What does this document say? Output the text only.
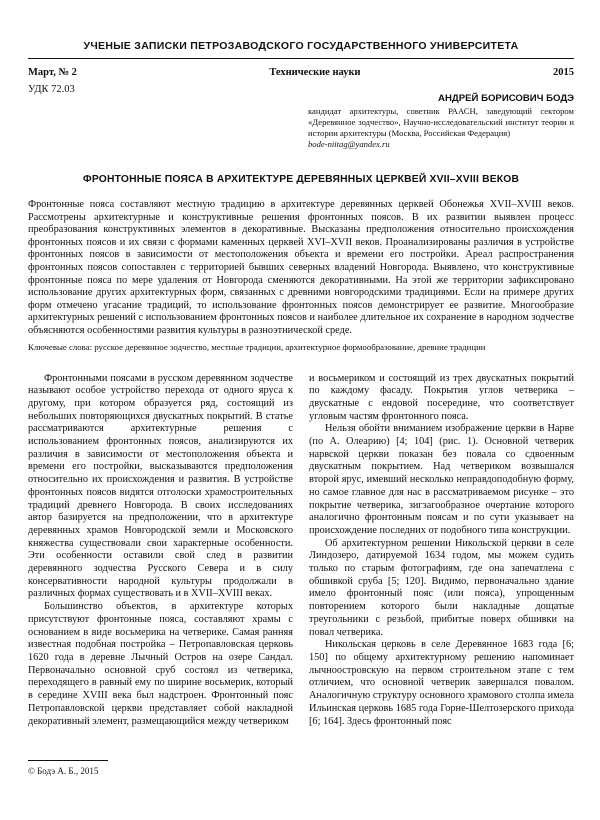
УЧЕНЫЕ ЗАПИСКИ ПЕТРОЗАВОДСКОГО ГОСУДАРСТВЕННОГО УНИВЕРСИТЕТА
Март, № 2	Технические науки	2015
УДК 72.03
АНДРЕЙ БОРИСОВИЧ БОДЭ
кандидат архитектуры, советник РААСН, заведующий сектором «Деревянное зодчество», Научно-исследовательский институт теории и истории архитектуры (Москва, Российская Федерация)
bode-niitag@yandex.ru
ФРОНТОННЫЕ ПОЯСА В АРХИТЕКТУРЕ ДЕРЕВЯННЫХ ЦЕРКВЕЙ XVII–XVIII ВЕКОВ

Фронтонные пояса составляют местную традицию в архитектуре деревянных церквей Обонежья XVII–XVIII веков. Рассмотрены архитектурные и конструктивные решения фронтонных поясов. В их развитии выявлен процесс преобразования конструктивных элементов в декоративные. Высказаны предположения относительно происхождения фронтонных поясов и их связи с формами каменных церквей XVI–XVII веков. Проанализированы различия в устройстве фронтонных поясов в зависимости от местоположения объекта и времени его постройки. Ареал распространения фронтонных поясов сопоставлен с территорией бывших северных владений Новгорода. Выявлено, что конструктивные фронтонные пояса по мере удаления от Новгорода сменяются декоративными. На этой же территории зафиксировано использование других архитектурных форм, связанных с древними новгородскими традициями. Если на примере других форм отмечено угасание традиций, то использование фронтонных поясов демонстрирует ее развитие. Многообразие архитектурных решений с использованием фронтонных поясов и наиболее длительное их сохранение в народном зодчестве объясняются особенностями развития культуры в разноэтнической среде.

Ключевые слова: русское деревянное зодчество, местные традиции, архитектурное формообразование, древние традиции

Фронтонными поясами в русском деревянном зодчестве называют особое устройство перехода от одного яруса к другому, при котором образуется ряд, состоящий из небольших повторяющихся двускатных покрытий. В статье рассматриваются архитектурные решения с использованием фронтонных поясов, анализируются их различия в зависимости от местоположения объекта и времени его постройки, высказываются предположения относительно их происхождения и развития. В устройстве фронтонных поясов видятся отголоски храмостроительных традиций древнего Новгорода. В своих исследованиях автор базируется на предположении, что в архитектуре деревянных храмов Новгородской земли и Московского княжества существовали свои характерные особенности. Эти особенности оставили свой след в развитии деревянного зодчества Русского Севера и в силу консервативности народной культуры продолжали в различных формах существовать и в XVII–XVIII веках.

Большинство объектов, в архитектуре которых присутствуют фронтонные пояса, составляют храмы с основанием в виде восьмерика на четверике. Самая ранняя известная подобная постройка – Петропавловская церковь 1620 года в деревне Лычный Остров на озере Сандал. Первоначально основной сруб состоял из четверика, переходящего в равный ему по ширине восьмерик, который в середине XVIII века был надстроен. Фронтонный пояс Петропавловской церкви представляет собой накладной декоративный элемент, размещающийся между четвериком

и восьмериком и состоящий из трех двускатных покрытий по каждому фасаду. Покрытия углов четверика – двускатные с ендовой посередине, что соответствует угловым частям фронтонного пояса.

Нельзя обойти вниманием изображение церкви в Нарве (по А. Олеарию) [4; 104] (рис. 1). Основной четверик нарвской церкви показан без повала со сдвоенным двускатным покрытием. Над четвериком возвышался второй ярус, имевший несколько неправдоподобную форму, но самое главное для нас в рассматриваемом рисунке – это покрытие четверика, зигзагообразное очертание которого аналогично фронтонным поясам и по сути указывает на происхождение последних от подобного типа конструкции.

Об архитектурном решении Никольской церкви в селе Линдозеро, датируемой 1634 годом, мы можем судить только по старым фотографиям, где она запечатлена с обшивкой сруба [5; 120]. Видимо, первоначально здание имело фронтонный пояс (или пояса), упрощенным повторением которого были накладные дощатые треугольники с резьбой, прибитые поверх обшивки на повал четверика.

Никольская церковь в селе Деревянное 1683 года [6; 150] по общему архитектурному решению напоминает лычноостровскую на первом строительном этапе с тем отличием, что основной четверик завершался повалом. Аналогичную структуру основного храмового столпа имела Ильинская церковь 1685 года Горне-Шелтозерского прихода [6; 164]. Здесь фронтонный пояс

© Бодэ А. Б., 2015
